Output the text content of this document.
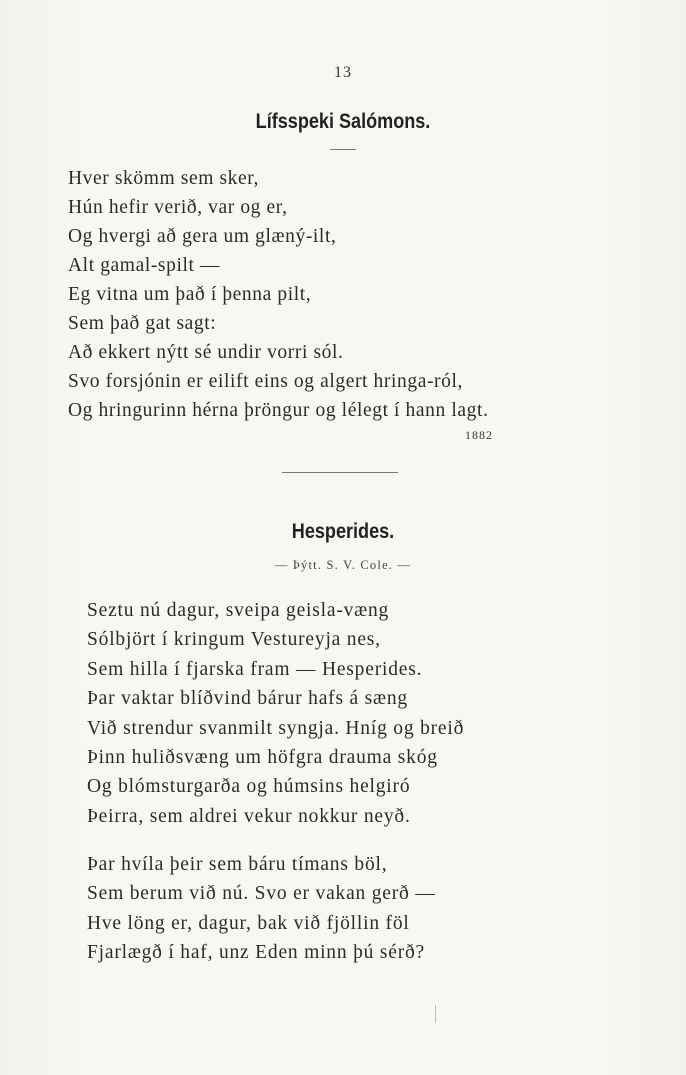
13
Lífsspeki Salómons.
Hver skömm sem sker,
Hún hefir verið, var og er,
Og hvergi að gera um glæný-ilt,
Alt gamal-spilt —
Eg vitna um það í þenna pilt,
Sem það gat sagt:
Að ekkert nýtt sé undir vorri sól.
Svo forsjónin er eilift eins og algert hringa-ról,
Og hringurinn hérna þröngur og lélegt í hann lagt.
1882
Hesperides.
— Þýtt. S. V. Cole. —
Seztu nú dagur, sveipa geisla-væng
Sólbjört í kringum Vestureyja nes,
Sem hilla í fjarska fram — Hesperides.
Þar vaktar blíðvind bárur hafs á sæng
Við strendur svanmilt syngja. Hníg og breið
Þinn huliðsvæng um höfgra drauma skóg
Og blómsturgarða og húmsins helgiró
Þeirra, sem aldrei vekur nokkur neyð.
Þar hvíla þeir sem báru tímans böl,
Sem berum við nú. Svo er vakan gerð —
Hve löng er, dagur, bak við fjöllin föl
Fjarlægð í haf, unz Eden minn þú sérð?
